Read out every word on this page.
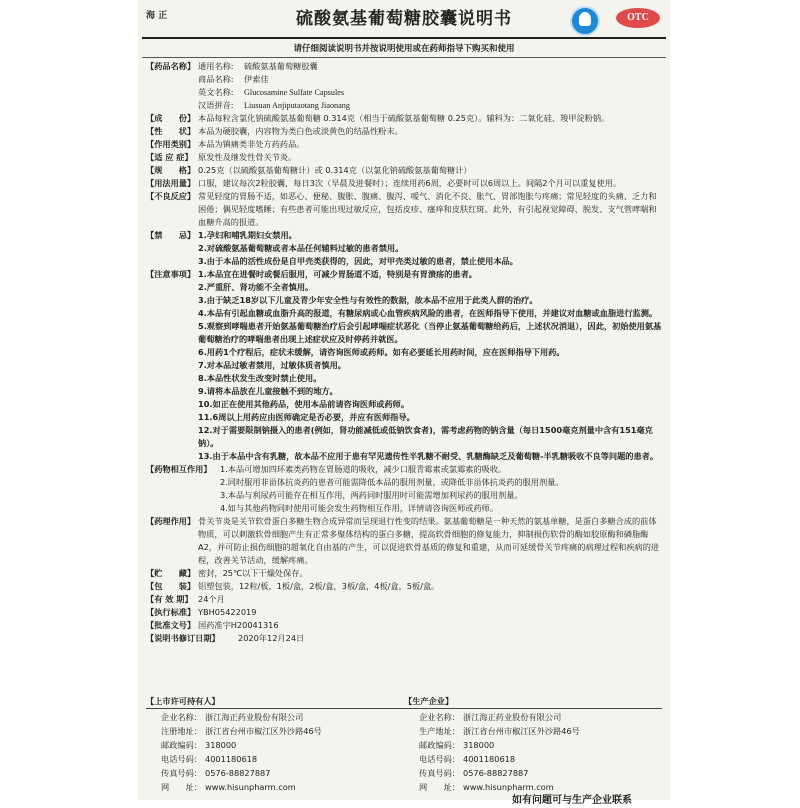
海 正	硫酸氨基葡萄糖胶囊说明书	OTC
请仔细阅读说明书并按说明使用或在药师指导下购买和使用
【药品名称】 通用名称:	硫酸氨基葡萄糖胶囊
商品名称:	伊索佳
英文名称:	Glucosamine Sulfate Capsules
汉语拼音:	Liusuan Anjiputaotang Jiaonang
【成　　份】 本品每粒含氯化钠硫酸氨基葡萄糖 0.314克（相当于硫酸氨基葡萄糖 0.25克）。辅料为：二氧化硅、羧甲淀粉钠。
【性　　状】 本品为硬胶囊，内容物为类白色或淡黄色的结晶性粉末。
【作用类别】 本品为镇痛类非处方药药品。
【适 应 症】 原发性及继发性骨关节炎。
【规　　格】 0.25克（以硫酸氨基葡萄糖计）或 0.314克（以氯化钠硫酸氨基葡萄糖计）
【用法用量】 口服，建议每次2粒胶囊，每日3次（早晨及进餐时）；连续用药6周，必要时可以6周以上。间隔2个月可以重复使用。
【不良反应】 常见轻度的胃肠不适，如恶心、便秘、腹胀、腹痛、腹泻、嗳气、消化不良、胀气、胃部饱胀与疼痛；常见轻度的头痛、乏力和困倦；偶见轻度嗜睡；有些患者可能出现过敏反应，包括皮疹、瘙痒和皮肤红斑。此外，有引起视觉障碍、脱发、支气管哮喘和血糖升高的报道。
【禁　　忌】 1.孕妇和哺乳期妇女禁用。
2.对硫酸氨基葡萄糖或者本品任何辅料过敏的患者禁用。
3.由于本品的活性成份是自甲壳类获得的，因此，对甲壳类过敏的患者，禁止使用本品。
【注意事项】 1.本品宜在进餐时或餐后服用，可减少胃肠道不适，特别是有胃溃疡的患者。
2.严重肝、肾功能不全者慎用。
3.由于缺乏18岁以下儿童及青少年安全性与有效性的数据，故本品不应用于此类人群的治疗。
4.本品有引起血糖或血脂升高的报道，有糖尿病或心血管疾病风险的患者，在医师指导下使用，并建议对血糖或血脂进行监测。
5.观察到哮喘患者开始氨基葡萄糖治疗后会引起哮喘症状恶化（当停止氨基葡萄糖给药后，上述状况消退），因此，初始使用氨基葡萄糖治疗的哮喘患者出现上述症状应及时停药并就医。
6.用药1个疗程后，症状未缓解，请咨询医师或药师。如有必要延长用药时间，应在医师指导下用药。
7.对本品过敏者禁用，过敏体质者慎用。
8.本品性状发生改变时禁止使用。
9.请将本品放在儿童接触不到的地方。
10.如正在使用其他药品，使用本品前请咨询医师或药师。
11.6周以上用药应由医师确定是否必要，并应有医师指导。
12.对于需要限制钠摄入的患者(例如，肾功能减低或低钠饮食者)，需考虑药物的钠含量（每日1500毫克剂量中含有151毫克钠）。
13.由于本品中含有乳糖，故本品不应用于患有罕见遗传性半乳糖不耐受、乳糖酶缺乏及葡萄糖-半乳糖吸收不良等问题的患者。
【药物相互作用】	1.本品可增加四环素类药物在胃肠道的吸收，减少口服青霉素或氯霉素的吸收。
2.同时服用非甾体抗炎药的患者可能需降低本品的服用剂量，或降低非甾体抗炎药的服用剂量。
3.本品与利尿药可能存在相互作用，两药同时服用时可能需增加利尿药的服用剂量。
4.如与其他药物同时使用可能会发生药物相互作用，详情请咨询医师或药师。
【药理作用】 骨关节炎是关节软骨蛋白多糖生物合成异常而呈现退行性变的结果。氨基葡萄糖是一种天然的氨基单糖，是蛋白多糖合成的前体物质，可以刺激软骨细胞产生有正常多聚体结构的蛋白多糖，提高软骨细胞的修复能力，抑制损伤软骨的酶如胶原酶和磷脂酶A2，并可防止损伤细胞的超氧化自由基的产生，可以促进软骨基质的修复和重建，从而可延缓骨关节疼痛的病理过程和疾病的进程，改善关节活动，缓解疼痛。
【贮　　藏】 密封，25℃以下干燥处保存。
【包　　装】 铝塑包装，12粒/板，1板/盒，2板/盒，3板/盒，4板/盒，5板/盒。
【有 效 期】 24个月
【执行标准】 YBH05422019
【批准文号】 国药准字H20041316
【说明书修订日期】	2020年12月24日
【上市许可持有人】
企业名称： 浙江海正药业股份有限公司
注册地址： 浙江省台州市椒江区外沙路46号
邮政编码： 318000
电话号码： 4001180618
传真号码： 0576-88827887
网　　址： www.hisunpharm.com
【生产企业】
企业名称： 浙江海正药业股份有限公司
生产地址： 浙江省台州市椒江区外沙路46号
邮政编码： 318000
电话号码： 4001180618
传真号码： 0576-88827887
网　　址： www.hisunpharm.com
如有问题可与生产企业联系
